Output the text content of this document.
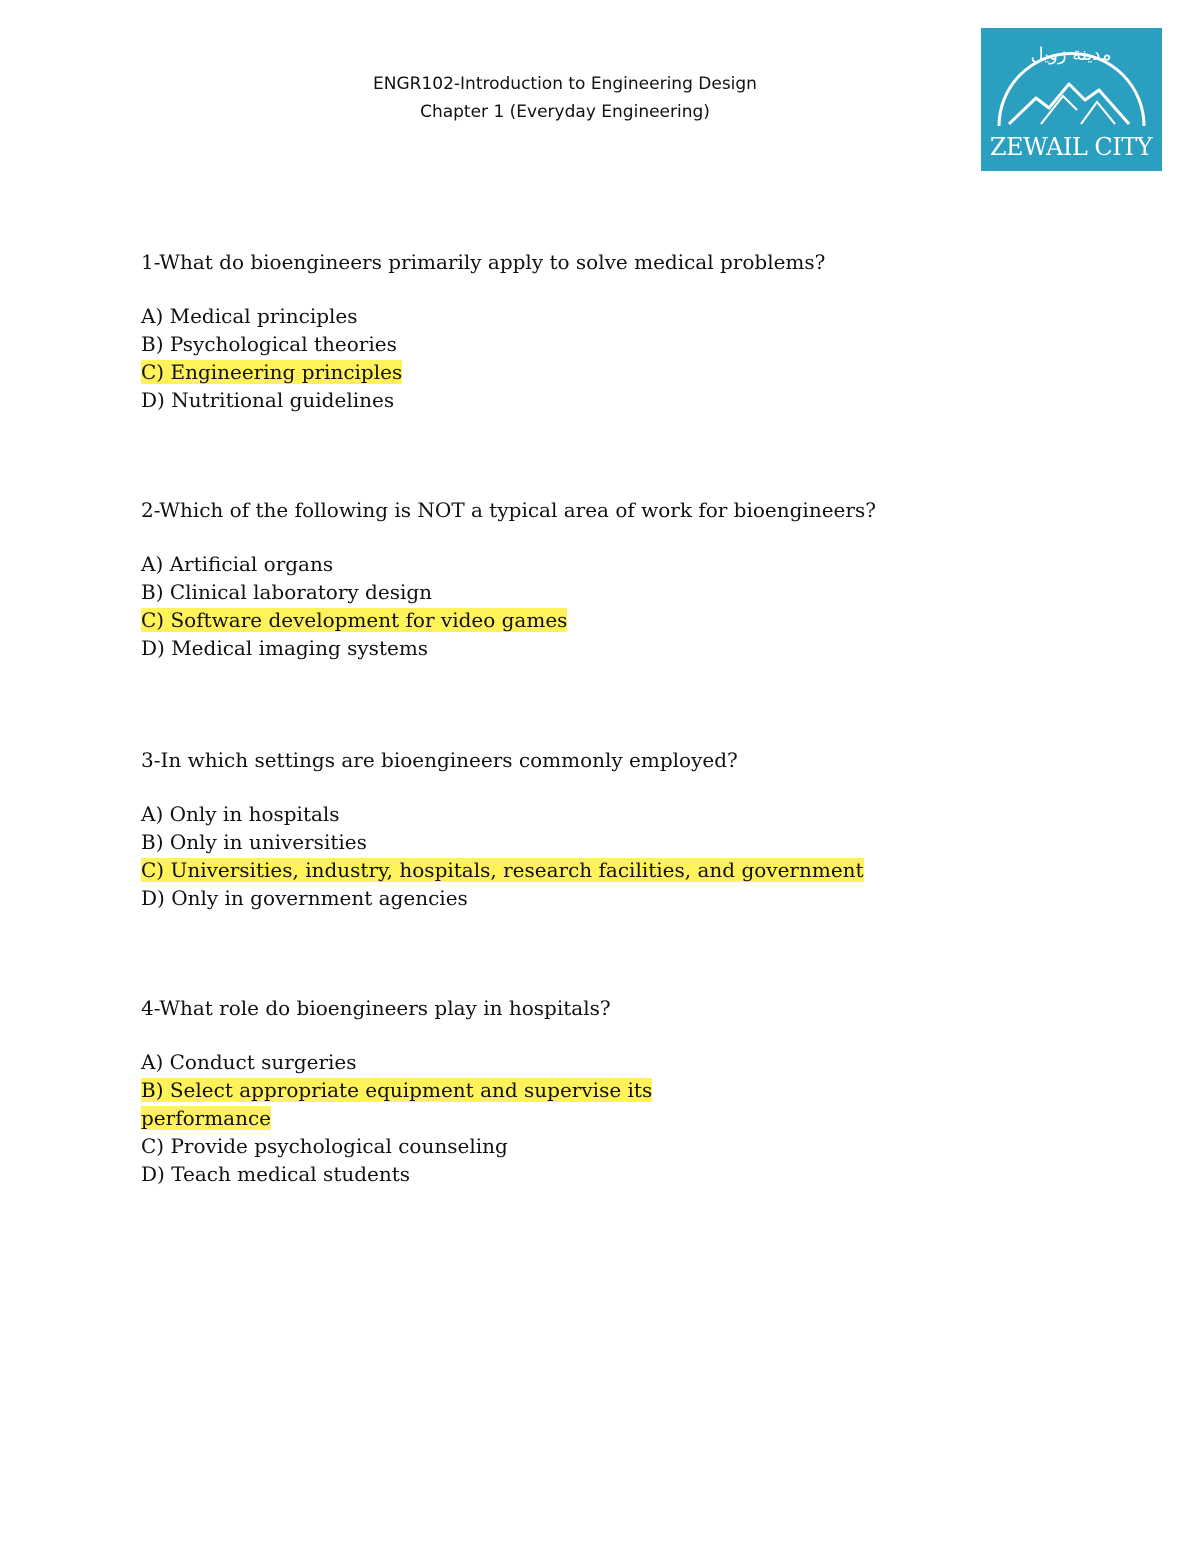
ENGR102-Introduction to Engineering Design
Chapter 1 (Everyday Engineering)
مدينة زويل
ZEWAIL CITY

1-What do bioengineers primarily apply to solve medical problems?

A) Medical principles

B) Psychological theories

C) Engineering principles

D) Nutritional guidelines

2-Which of the following is NOT a typical area of work for bioengineers?

A) Artificial organs

B) Clinical laboratory design

C) Software development for video games

D) Medical imaging systems

3-In which settings are bioengineers commonly employed?

A) Only in hospitals

B) Only in universities

C) Universities, industry, hospitals, research facilities, and government

D) Only in government agencies

4-What role do bioengineers play in hospitals?

A) Conduct surgeries

B) Select appropriate equipment and supervise its

performance

C) Provide psychological counseling

D) Teach medical students
